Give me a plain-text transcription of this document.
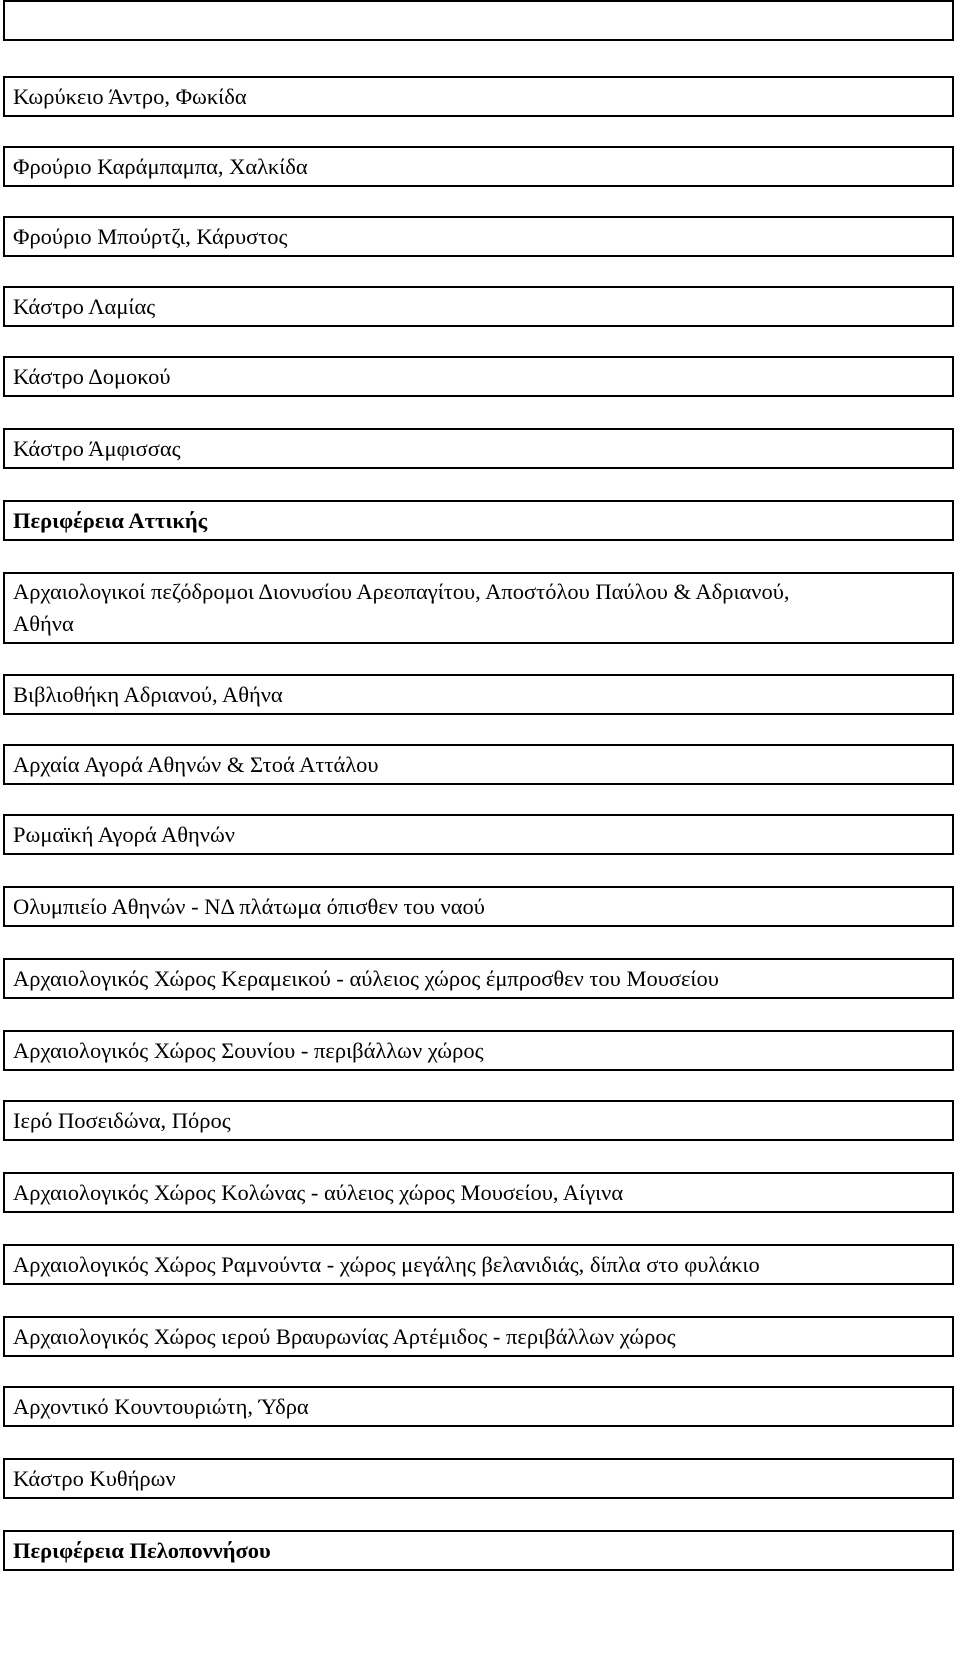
Κωρύκειο Άντρο, Φωκίδα
Φρούριο Καράμπαμπα, Χαλκίδα
Φρούριο Μπούρτζι, Κάρυστος
Κάστρο Λαμίας
Κάστρο Δομοκού
Κάστρο Άμφισσας
Περιφέρεια Αττικής
Αρχαιολογικοί πεζόδρομοι Διονυσίου Αρεοπαγίτου, Αποστόλου Παύλου & Αδριανού, Αθήνα
Βιβλιοθήκη Αδριανού, Αθήνα
Αρχαία Αγορά Αθηνών & Στοά Αττάλου
Ρωμαϊκή Αγορά Αθηνών
Ολυμπιείο Αθηνών - ΝΔ πλάτωμα όπισθεν του ναού
Αρχαιολογικός Χώρος Κεραμεικού - αύλειος χώρος έμπροσθεν του Μουσείου
Αρχαιολογικός Χώρος Σουνίου - περιβάλλων χώρος
Ιερό Ποσειδώνα, Πόρος
Αρχαιολογικός Χώρος Κολώνας - αύλειος χώρος Μουσείου, Αίγινα
Αρχαιολογικός Χώρος Ραμνούντα - χώρος μεγάλης βελανιδιάς, δίπλα στο φυλάκιο
Αρχαιολογικός Χώρος ιερού Βραυρωνίας Αρτέμιδος - περιβάλλων χώρος
Αρχοντικό Κουντουριώτη, Ύδρα
Κάστρο Κυθήρων
Περιφέρεια Πελοποννήσου
